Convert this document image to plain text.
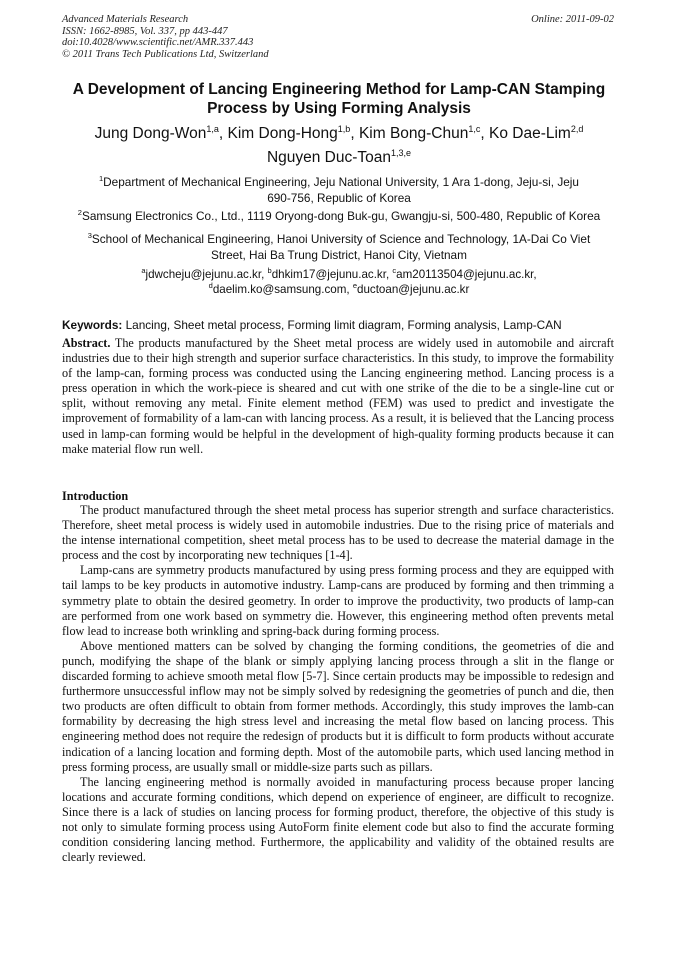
Advanced Materials Research
ISSN: 1662-8985, Vol. 337, pp 443-447
doi:10.4028/www.scientific.net/AMR.337.443
© 2011 Trans Tech Publications Ltd, Switzerland
Online: 2011-09-02
A Development of Lancing Engineering Method for Lamp-CAN Stamping
Process by Using Forming Analysis
Jung Dong-Won$^{1,a}$, Kim Dong-Hong$^{1,b}$, Kim Bong-Chun$^{1,c}$, Ko Dae-Lim$^{2,d}$
Nguyen Duc-Toan$^{1,3,e}$
$^1$Department of Mechanical Engineering, Jeju National University, 1 Ara 1-dong, Jeju-si, Jeju
690-756, Republic of Korea
$^2$Samsung Electronics Co., Ltd., 1119 Oryong-dong Buk-gu, Gwangju-si, 500-480, Republic of Korea
$^3$School of Mechanical Engineering, Hanoi University of Science and Technology, 1A-Dai Co Viet
Street, Hai Ba Trung District, Hanoi City, Vietnam
$^a$jdwcheju@jejunu.ac.kr, $^b$dhkim17@jejunu.ac.kr, $^c$am20113504@jejunu.ac.kr,
$^d$daelim.ko@samsung.com, $^e$ductoan@jejunu.ac.kr
Keywords: Lancing, Sheet metal process, Forming limit diagram, Forming analysis, Lamp-CAN
Abstract. The products manufactured by the Sheet metal process are widely used in automobile and aircraft industries due to their high strength and superior surface characteristics. In this study, to improve the formability of the lamp-can, forming process was conducted using the Lancing engineering method. Lancing process is a press operation in which the work-piece is sheared and cut with one strike of the die to be a single-line cut or split, without removing any metal. Finite element method (FEM) was used to predict and investigate the improvement of formability of a lam-can with lancing process. As a result, it is believed that the Lancing process used in lamp-can forming would be helpful in the development of high-quality forming products because it can make material flow run well.
Introduction

The product manufactured through the sheet metal process has superior strength and surface characteristics. Therefore, sheet metal process is widely used in automobile industries. Due to the rising price of materials and the intense international competition, sheet metal process has to be used to decrease the material damage in the process and the cost by incorporating new techniques [1-4].

Lamp-cans are symmetry products manufactured by using press forming process and they are equipped with tail lamps to be key products in automotive industry. Lamp-cans are produced by forming and then trimming a symmetry plate to obtain the desired geometry. In order to improve the productivity, two products of lamp-can are performed from one work based on symmetry die. However, this engineering method often prevents metal flow lead to increase both wrinkling and spring-back during forming process.

Above mentioned matters can be solved by changing the forming conditions, the geometries of die and punch, modifying the shape of the blank or simply applying lancing process through a slit in the flange or discarded forming to achieve smooth metal flow [5-7]. Since certain products may be impossible to redesign and furthermore unsuccessful inflow may not be simply solved by redesigning the geometries of punch and die, then two products are often difficult to obtain from former methods. Accordingly, this study improves the lamb-can formability by decreasing the high stress level and increasing the metal flow based on lancing process. This engineering method does not require the redesign of products but it is difficult to form products without accurate indication of a lancing location and forming depth. Most of the automobile parts, which used lancing method in press forming process, are usually small or middle-size parts such as pillars.

The lancing engineering method is normally avoided in manufacturing process because proper lancing locations and accurate forming conditions, which depend on experience of engineer, are difficult to recognize. Since there is a lack of studies on lancing process for forming product, therefore, the objective of this study is not only to simulate forming process using AutoForm finite element code but also to find the accurate forming condition considering lancing method. Furthermore, the applicability and validity of the obtained results are clearly reviewed.
